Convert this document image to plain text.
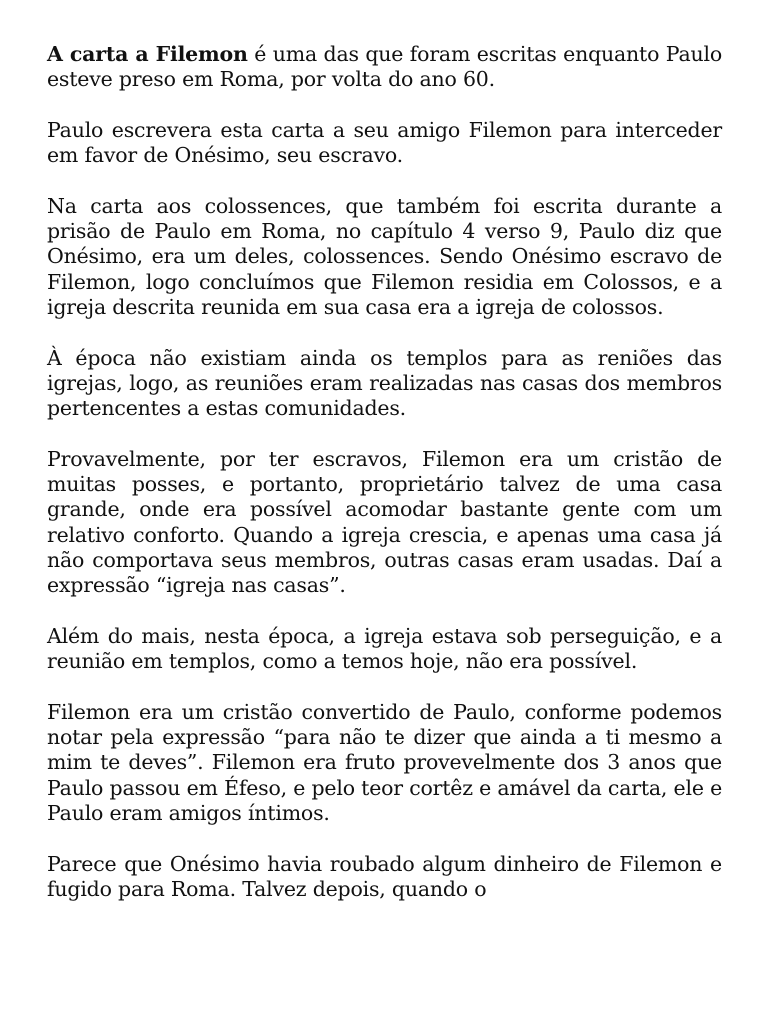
A carta a Filemon é uma das que foram escritas enquanto Paulo esteve preso em Roma, por volta do ano 60.

Paulo escrevera esta carta a seu amigo Filemon para interceder em favor de Onésimo, seu escravo.

Na carta aos colossences, que também foi escrita durante a prisão de Paulo em Roma, no capítulo 4 verso 9, Paulo diz que Onésimo, era um deles, colossences. Sendo Onésimo escravo de Filemon, logo concluímos que Filemon residia em Colossos, e a igreja descrita reunida em sua casa era a igreja de colossos.

À época não existiam ainda os templos para as reniões das igrejas, logo, as reuniões eram realizadas nas casas dos membros pertencentes a estas comunidades.

Provavelmente, por ter escravos, Filemon era um cristão de muitas posses, e portanto, proprietário talvez de uma casa grande, onde era possível acomodar bastante gente com um relativo conforto. Quando a igreja crescia, e apenas uma casa já não comportava seus membros, outras casas eram usadas. Daí a expressão “igreja nas casas”.

Além do mais, nesta época, a igreja estava sob perseguição, e a reunião em templos, como a temos hoje, não era possível.

Filemon era um cristão convertido de Paulo, conforme podemos notar pela expressão “para não te dizer que ainda a ti mesmo a mim te deves”. Filemon era fruto provevelmente dos 3 anos que Paulo passou em Éfeso, e pelo teor cortêz e amável da carta, ele e Paulo eram amigos íntimos.

Parece que Onésimo havia roubado algum dinheiro de Filemon e fugido para Roma. Talvez depois, quando o
